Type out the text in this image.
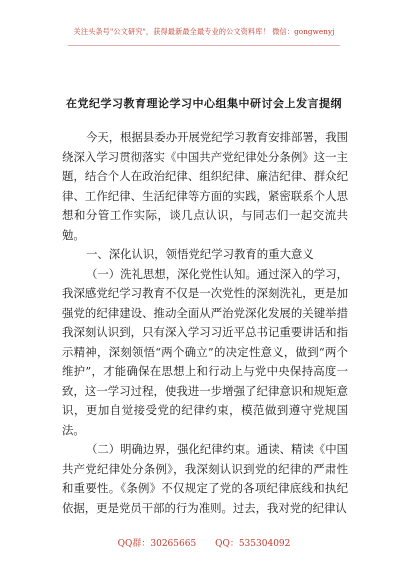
关注头条号"公文研究"，获得最新最全最专业的公文资料库！ 微信：gongwenyj
在党纪学习教育理论学习中心组集中研讨会上发言提纲

今天，根据县委办开展党纪学习教育安排部署，我围绕深入学习贯彻落实《中国共产党纪律处分条例》这一主题，结合个人在政治纪律、组织纪律、廉洁纪律、群众纪律、工作纪律、生活纪律等方面的实践，紧密联系个人思想和分管工作实际，谈几点认识，与同志们一起交流共勉。

一、深化认识，领悟党纪学习教育的重大意义

（一）洗礼思想，深化党性认知。通过深入的学习，我深感党纪学习教育不仅是一次党性的深刻洗礼，更是加强党的纪律建设、推动全面从严治党深化发展的关键举措我深刻认识到，只有深入学习习近平总书记重要讲话和指示精神，深刻领悟“两个确立”的决定性意义，做到“两个维护”，才能确保在思想上和行动上与党中央保持高度一致，这一学习过程，使我进一步增强了纪律意识和规矩意识，更加自觉接受党的纪律约束，模范做到遵守党规国法。

（二）明确边界，强化纪律约束。通读、精读《中国共产党纪律处分条例》，我深刻认识到党的纪律的严肃性和重要性。《条例》不仅规定了党的各项纪律底线和执纪依据，更是党员干部的行为准则。过去，我对党的纪律认

QQ群：30265665 QQ：535304092
